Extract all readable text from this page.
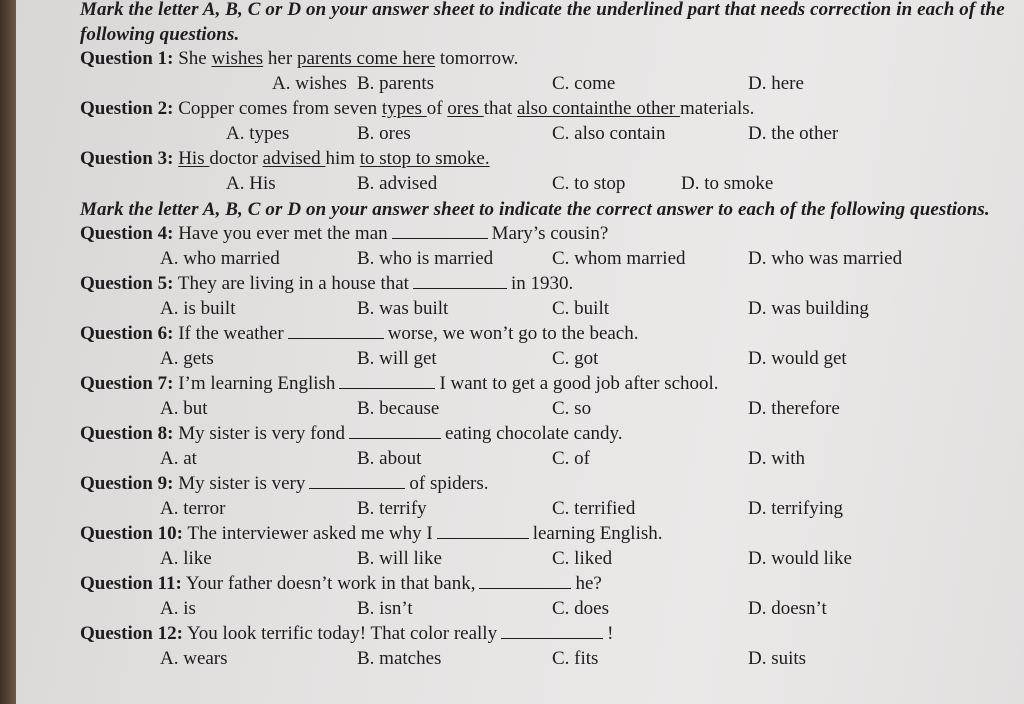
Mark the letter A, B, C or D on your answer sheet to indicate the underlined part that needs correction in each of the following questions.

Question 1: She wishes her parents come here tomorrow.

A. wishes B. parents	C. come	D. here

Question 2: Copper comes from seven types of ores that also containthe other materials.

A. types	B. ores	C. also contain	D. the other

Question 3: His doctor advised him to stop to smoke.

A. His	B. advised	C. to stop	D. to smoke

Mark the letter A, B, C or D on your answer sheet to indicate the correct answer to each of the following questions.

Question 4: Have you ever met the man	Mary’s cousin?

A. who married	B. who is married	C. whom married	D. who was married

Question 5: They are living in a house that	in 1930.

A. is built	B. was built	C. built	D. was building

Question 6: If the weather	worse, we won’t go to the beach.

A. gets	B. will get	C. got	D. would get

Question 7: I’m learning English	I want to get a good job after school.

A. but	B. because	C. so	D. therefore

Question 8: My sister is very fond	eating chocolate candy.

A. at	B. about	C. of	D. with

Question 9: My sister is very	of spiders.

A. terror	B. terrify	C. terrified	D. terrifying

Question 10: The interviewer asked me why I	learning English.

A. like	B. will like	C. liked	D. would like

Question 11: Your father doesn’t work in that bank,	he?

A. is	B. isn’t	C. does	D. doesn’t

Question 12: You look terrific today! That color really	!

A. wears	B. matches	C. fits	D. suits
